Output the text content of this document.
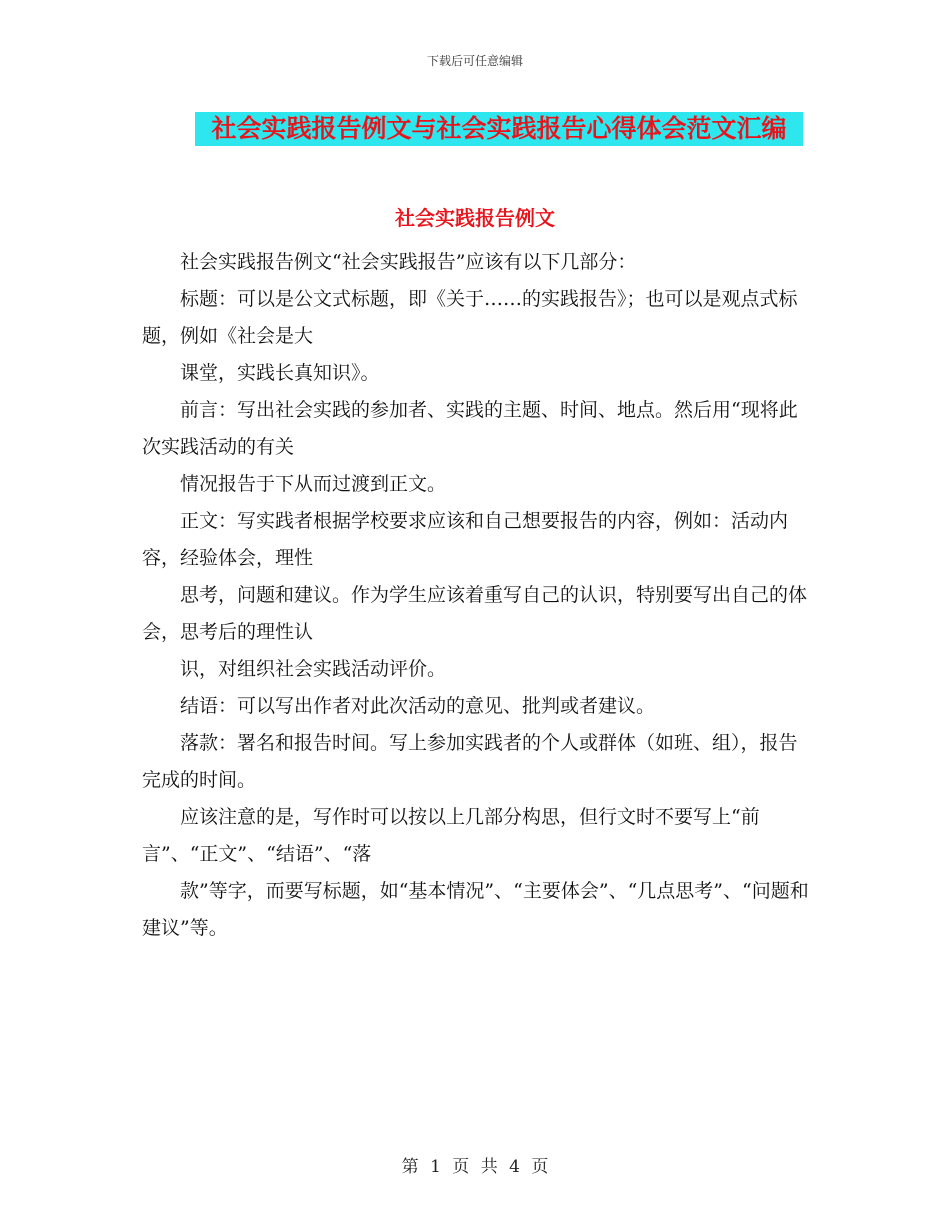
下载后可任意编辑
社会实践报告例文与社会实践报告心得体会范文汇编
社会实践报告例文

社会实践报告例文“社会实践报告”应该有以下几部分：

标题：可以是公文式标题，即《关于……的实践报告》；也可以是观点式标题，例如《社会是大

课堂，实践长真知识》。

前言：写出社会实践的参加者、实践的主题、时间、地点。然后用“现将此次实践活动的有关

情况报告于下从而过渡到正文。

正文：写实践者根据学校要求应该和自己想要报告的内容，例如：活动内容，经验体会，理性

思考，问题和建议。作为学生应该着重写自己的认识，特别要写出自己的体会，思考后的理性认

识，对组织社会实践活动评价。

结语：可以写出作者对此次活动的意见、批判或者建议。

落款：署名和报告时间。写上参加实践者的个人或群体（如班、组），报告完成的时间。

应该注意的是，写作时可以按以上几部分构思，但行文时不要写上“前言”、“正文”、“结语”、“落

款”等字，而要写标题，如“基本情况”、“主要体会”、“几点思考”、“问题和建议”等。

第 1 页 共 4 页
